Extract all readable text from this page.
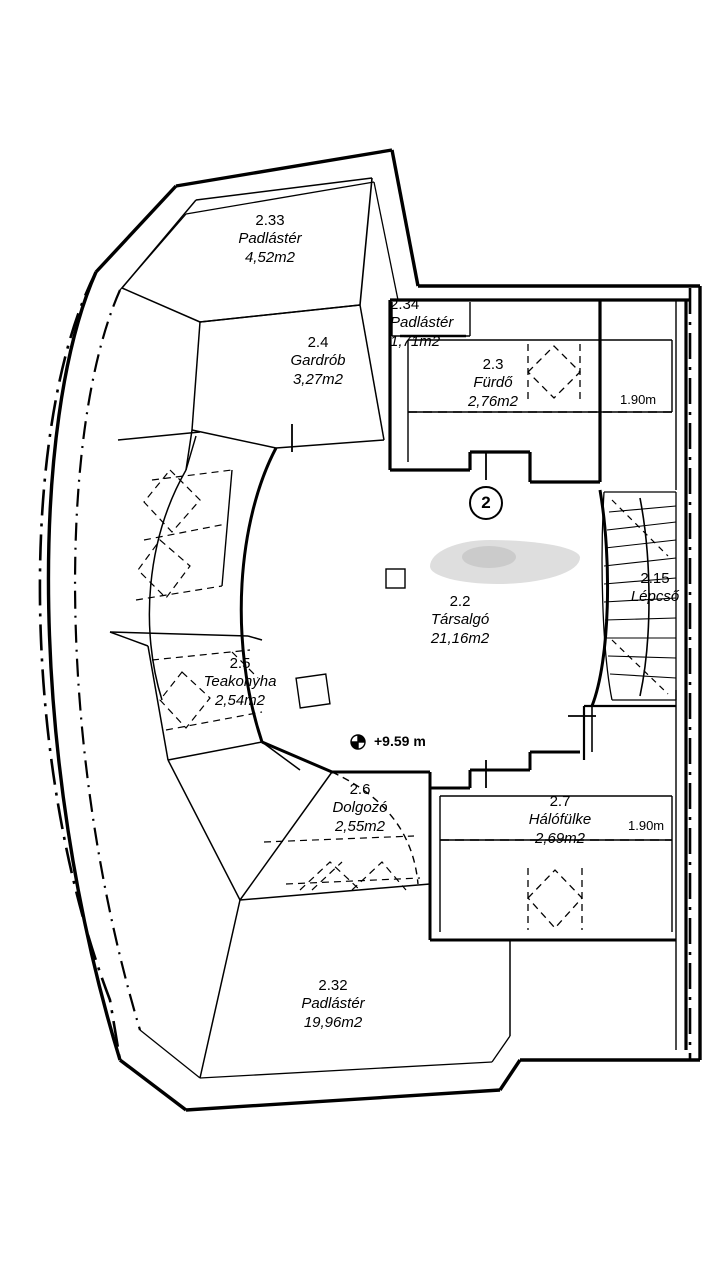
2.33
Padlástér
4,52m2
2.4
Gardrób
3,27m2
2.34
Padlástér
1,71m2
2.3
Fürdő
2,76m2
2.2
Társalgó
21,16m2
2.15
Lépcső
2.5
Teakonyha
2,54m2
2.6
Dolgozó
2,55m2
2.7
Hálófülke
2,69m2
2.32
Padlástér
19,96m2
1.90m
1.90m
+9.59 m
2
